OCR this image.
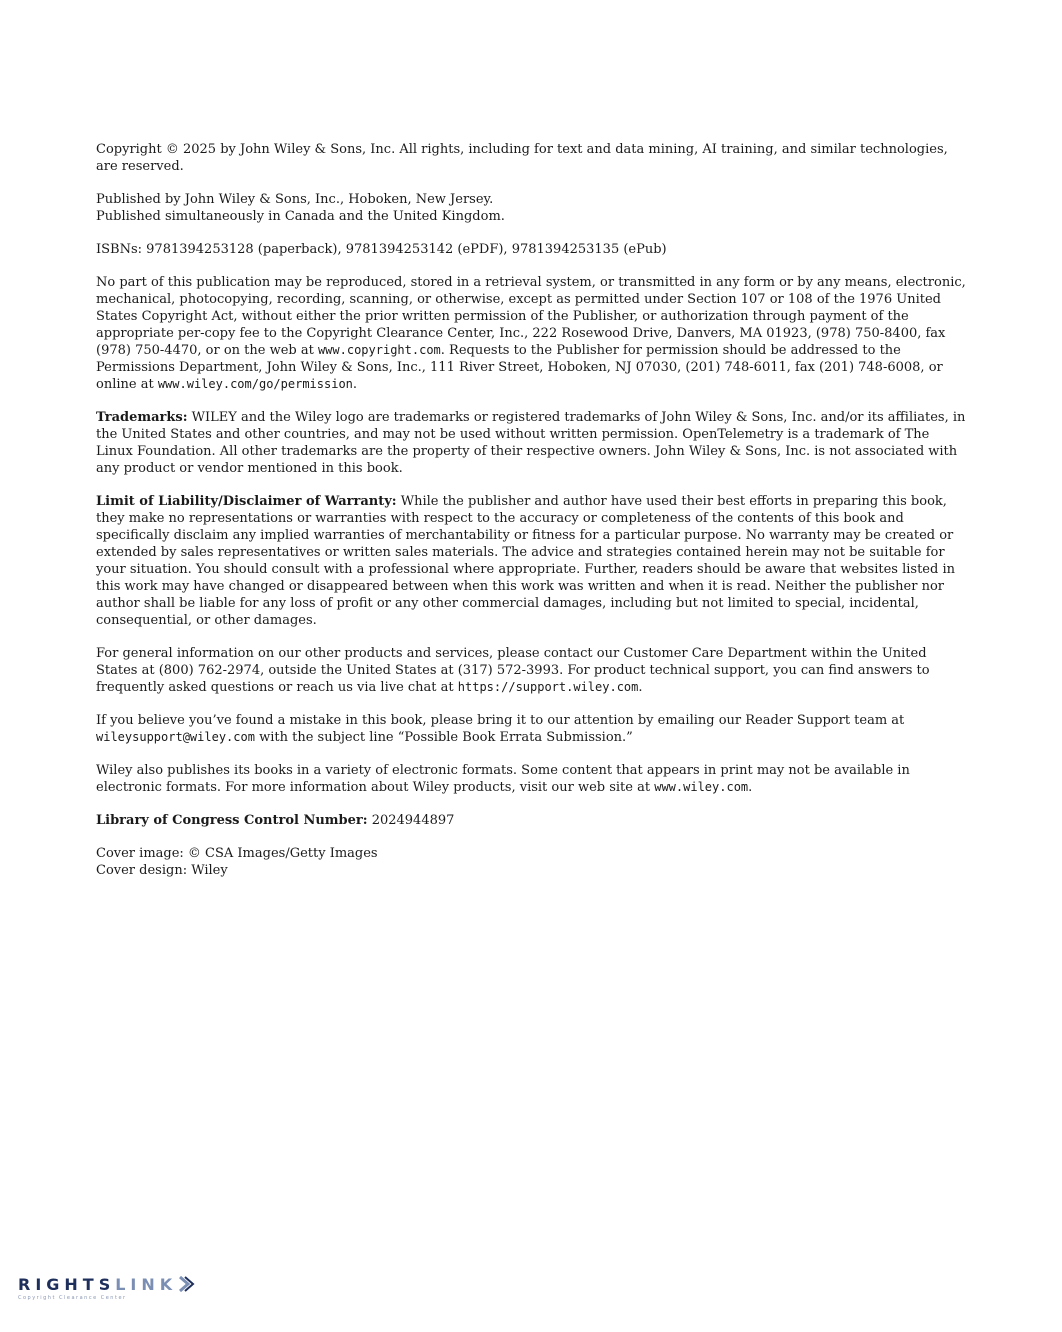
Copyright © 2025 by John Wiley & Sons, Inc. All rights, including for text and data mining, AI training, and similar technologies, are reserved.

Published by John Wiley & Sons, Inc., Hoboken, New Jersey.

Published simultaneously in Canada and the United Kingdom.

ISBNs: 9781394253128 (paperback), 9781394253142 (ePDF), 9781394253135 (ePub)

No part of this publication may be reproduced, stored in a retrieval system, or transmitted in any form or by any means, electronic, mechanical, photocopying, recording, scanning, or otherwise, except as permitted under Section 107 or 108 of the 1976 United States Copyright Act, without either the prior written permission of the Publisher, or authorization through payment of the appropriate per-copy fee to the Copyright Clearance Center, Inc., 222 Rosewood Drive, Danvers, MA 01923, (978) 750-8400, fax (978) 750-4470, or on the web at www.copyright.com. Requests to the Publisher for permission should be addressed to the Permissions Department, John Wiley & Sons, Inc., 111 River Street, Hoboken, NJ 07030, (201) 748-6011, fax (201) 748-6008, or online at www.wiley.com/go/permission.

Trademarks: WILEY and the Wiley logo are trademarks or registered trademarks of John Wiley & Sons, Inc. and/or its affiliates, in the United States and other countries, and may not be used without written permission. OpenTelemetry is a trademark of The Linux Foundation. All other trademarks are the property of their respective owners. John Wiley & Sons, Inc. is not associated with any product or vendor mentioned in this book.

Limit of Liability/Disclaimer of Warranty: While the publisher and author have used their best efforts in preparing this book, they make no representations or warranties with respect to the accuracy or completeness of the contents of this book and specifically disclaim any implied warranties of merchantability or fitness for a particular purpose. No warranty may be created or extended by sales representatives or written sales materials. The advice and strategies contained herein may not be suitable for your situation. You should consult with a professional where appropriate. Further, readers should be aware that websites listed in this work may have changed or disappeared between when this work was written and when it is read. Neither the publisher nor author shall be liable for any loss of profit or any other commercial damages, including but not limited to special, incidental, consequential, or other damages.

For general information on our other products and services, please contact our Customer Care Department within the United States at (800) 762-2974, outside the United States at (317) 572-3993. For product technical support, you can find answers to frequently asked questions or reach us via live chat at https://support.wiley.com.

If you believe you’ve found a mistake in this book, please bring it to our attention by emailing our Reader Support team at wileysupport@wiley.com with the subject line “Possible Book Errata Submission.”

Wiley also publishes its books in a variety of electronic formats. Some content that appears in print may not be available in electronic formats. For more information about Wiley products, visit our web site at www.wiley.com.

Library of Congress Control Number: 2024944897

Cover image: © CSA Images/Getty Images

Cover design: Wiley

RIGHTS LINK
Copyright Clearance Center
